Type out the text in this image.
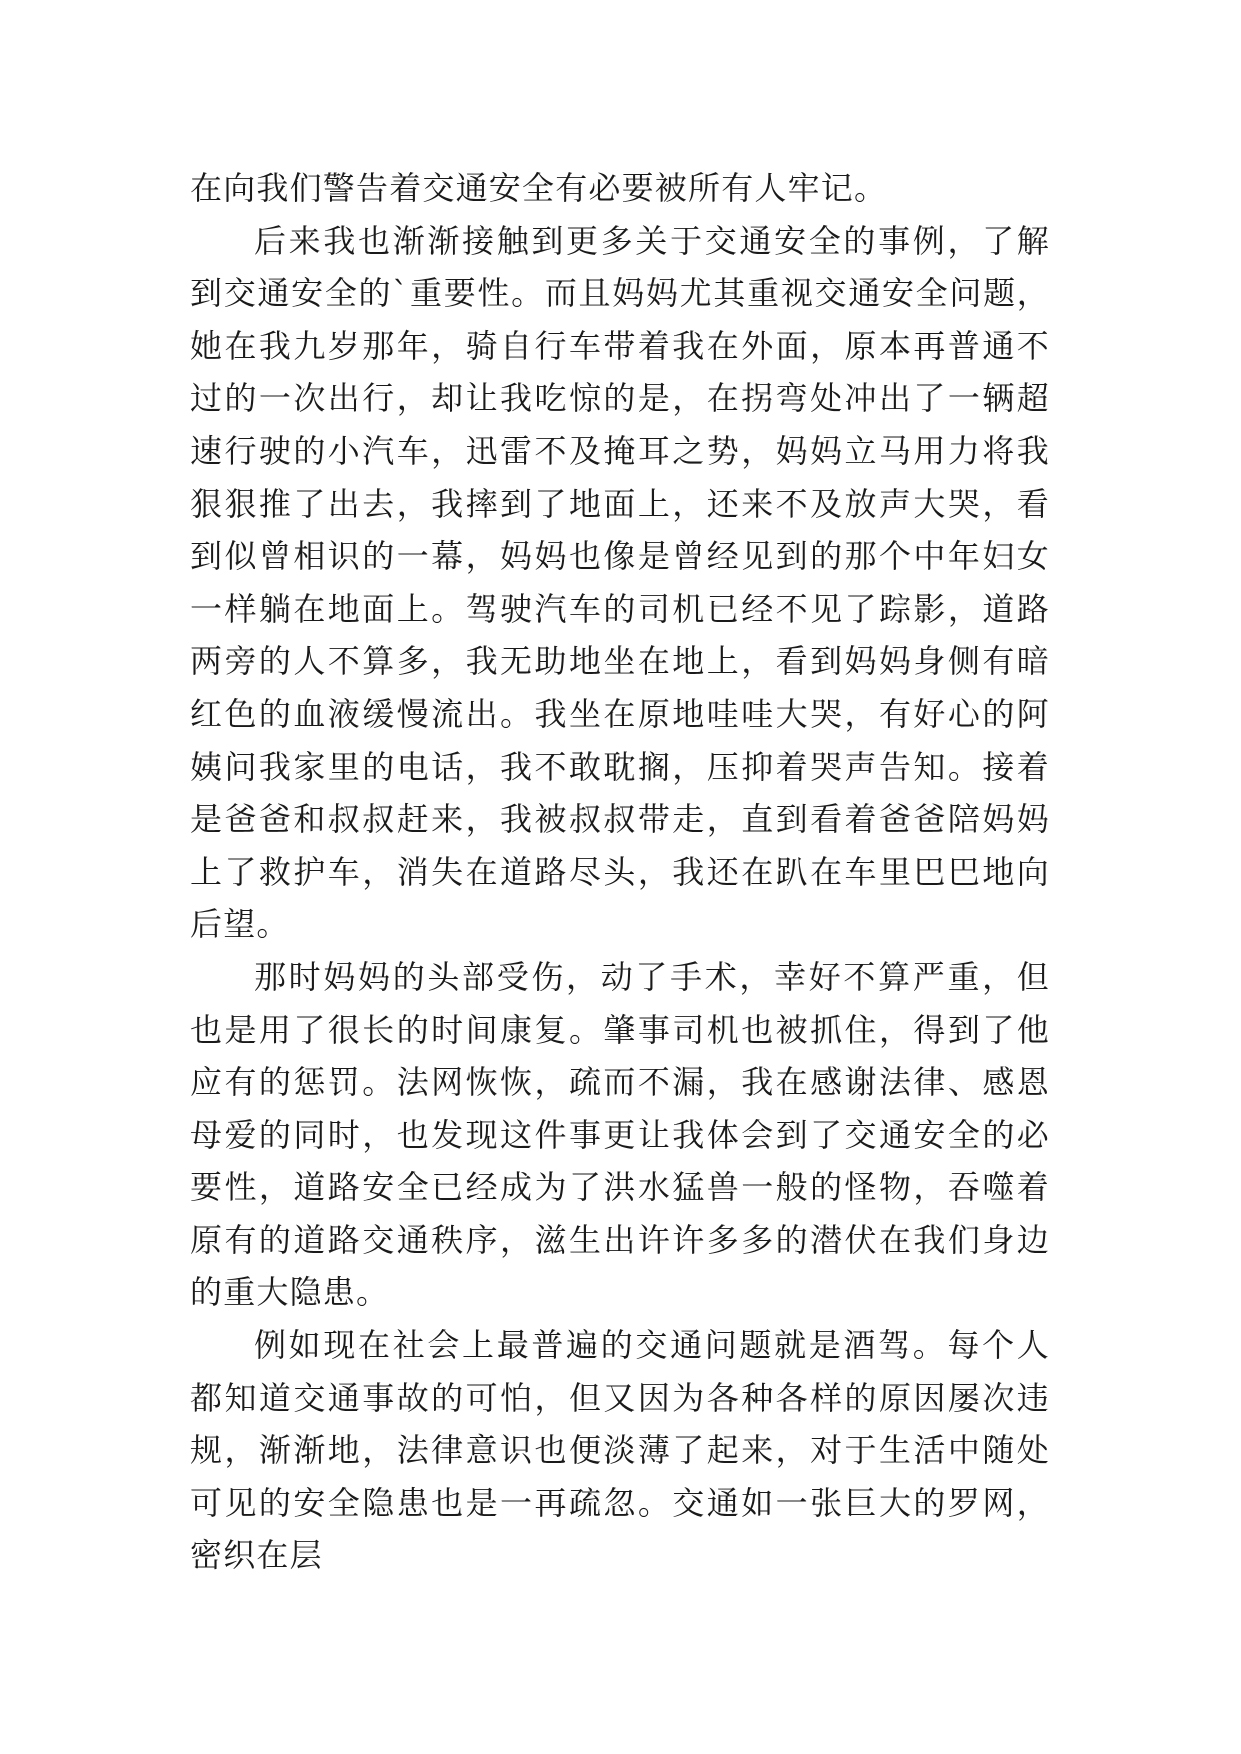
在向我们警告着交通安全有必要被所有人牢记。

后来我也渐渐接触到更多关于交通安全的事例，了解到交通安全的`重要性。而且妈妈尤其重视交通安全问题，她在我九岁那年，骑自行车带着我在外面，原本再普通不过的一次出行，却让我吃惊的是，在拐弯处冲出了一辆超速行驶的小汽车，迅雷不及掩耳之势，妈妈立马用力将我狠狠推了出去，我摔到了地面上，还来不及放声大哭，看到似曾相识的一幕，妈妈也像是曾经见到的那个中年妇女一样躺在地面上。驾驶汽车的司机已经不见了踪影，道路两旁的人不算多，我无助地坐在地上，看到妈妈身侧有暗红色的血液缓慢流出。我坐在原地哇哇大哭，有好心的阿姨问我家里的电话，我不敢耽搁，压抑着哭声告知。接着是爸爸和叔叔赶来，我被叔叔带走，直到看着爸爸陪妈妈上了救护车，消失在道路尽头，我还在趴在车里巴巴地向后望。

那时妈妈的头部受伤，动了手术，幸好不算严重，但也是用了很长的时间康复。肇事司机也被抓住，得到了他应有的惩罚。法网恢恢，疏而不漏，我在感谢法律、感恩母爱的同时，也发现这件事更让我体会到了交通安全的必要性，道路安全已经成为了洪水猛兽一般的怪物，吞噬着原有的道路交通秩序，滋生出许许多多的潜伏在我们身边的重大隐患。

例如现在社会上最普遍的交通问题就是酒驾。每个人都知道交通事故的可怕，但又因为各种各样的原因屡次违规，渐渐地，法律意识也便淡薄了起来，对于生活中随处可见的安全隐患也是一再疏忽。交通如一张巨大的罗网，密织在层
